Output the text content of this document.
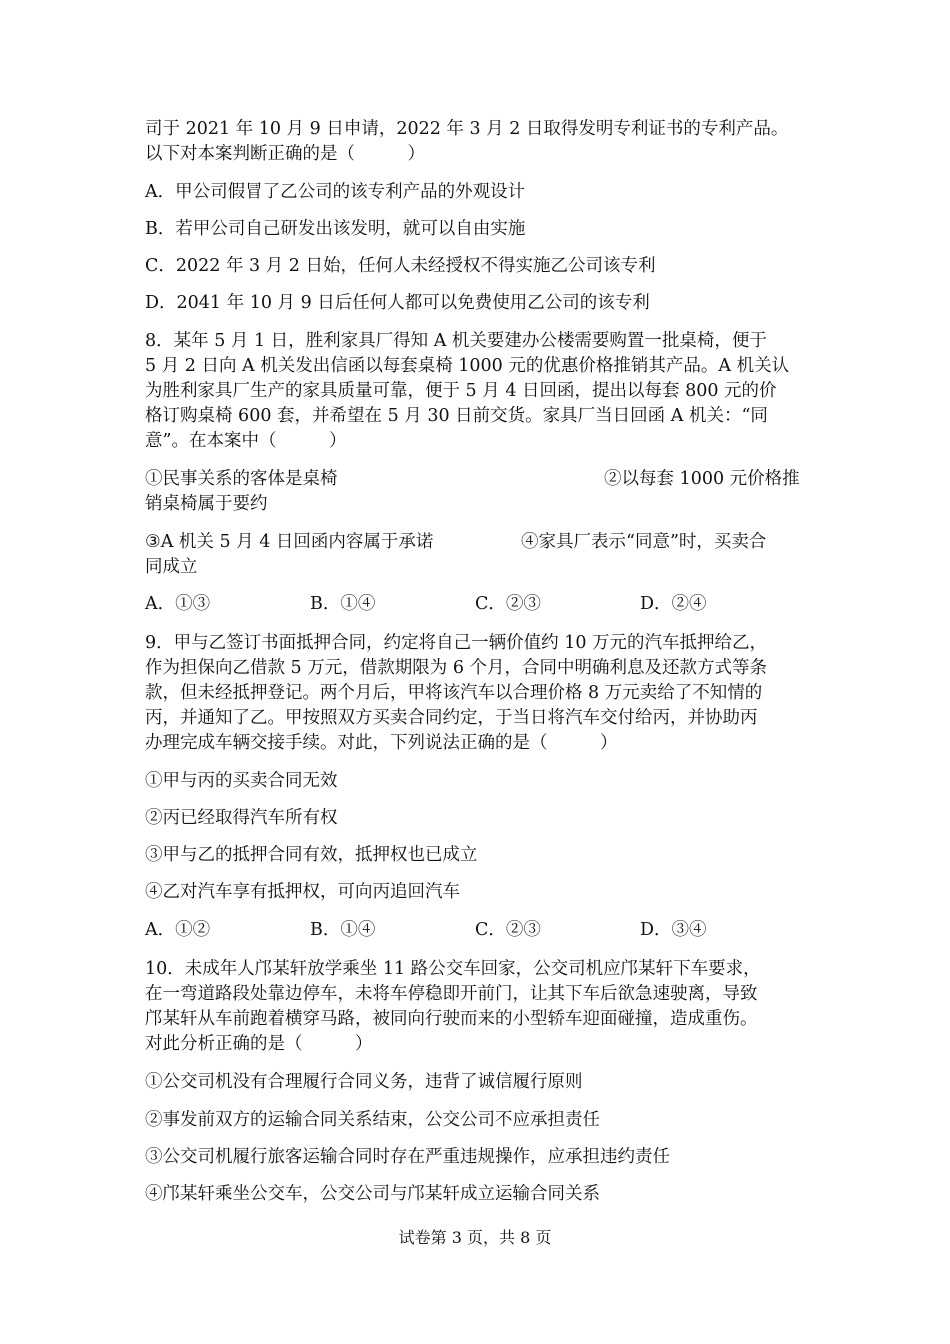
司于 2021 年 10 月 9 日申请，2022 年 3 月 2 日取得发明专利证书的专利产品。
以下对本案判断正确的是（　　　）
A．甲公司假冒了乙公司的该专利产品的外观设计
B．若甲公司自己研发出该发明，就可以自由实施
C．2022 年 3 月 2 日始，任何人未经授权不得实施乙公司该专利
D．2041 年 10 月 9 日后任何人都可以免费使用乙公司的该专利
8．某年 5 月 1 日，胜利家具厂得知 A 机关要建办公楼需要购置一批桌椅，便于
5 月 2 日向 A 机关发出信函以每套桌椅 1000 元的优惠价格推销其产品。A 机关认
为胜利家具厂生产的家具质量可靠，便于 5 月 4 日回函，提出以每套 800 元的价
格订购桌椅 600 套，并希望在 5 月 30 日前交货。家具厂当日回函 A 机关：“同
意”。在本案中（　　　）
①民事关系的客体是桌椅	②以每套 1000 元价格推
销桌椅属于要约
③A 机关 5 月 4 日回函内容属于承诺	④家具厂表示“同意”时，买卖合
同成立
A．①③	B．①④	C．②③	D．②④
9．甲与乙签订书面抵押合同，约定将自己一辆价值约 10 万元的汽车抵押给乙，
作为担保向乙借款 5 万元，借款期限为 6 个月，合同中明确利息及还款方式等条
款，但未经抵押登记。两个月后，甲将该汽车以合理价格 8 万元卖给了不知情的
丙，并通知了乙。甲按照双方买卖合同约定，于当日将汽车交付给丙，并协助丙
办理完成车辆交接手续。对此，下列说法正确的是（　　　）
①甲与丙的买卖合同无效
②丙已经取得汽车所有权
③甲与乙的抵押合同有效，抵押权也已成立
④乙对汽车享有抵押权，可向丙追回汽车
A．①②	B．①④	C．②③	D．③④
10．未成年人邝某轩放学乘坐 11 路公交车回家，公交司机应邝某轩下车要求，
在一弯道路段处靠边停车，未将车停稳即开前门，让其下车后欲急速驶离，导致
邝某轩从车前跑着横穿马路，被同向行驶而来的小型轿车迎面碰撞，造成重伤。
对此分析正确的是（　　　）
①公交司机没有合理履行合同义务，违背了诚信履行原则
②事发前双方的运输合同关系结束，公交公司不应承担责任
③公交司机履行旅客运输合同时存在严重违规操作，应承担违约责任
④邝某轩乘坐公交车，公交公司与邝某轩成立运输合同关系
试卷第 3 页，共 8 页
